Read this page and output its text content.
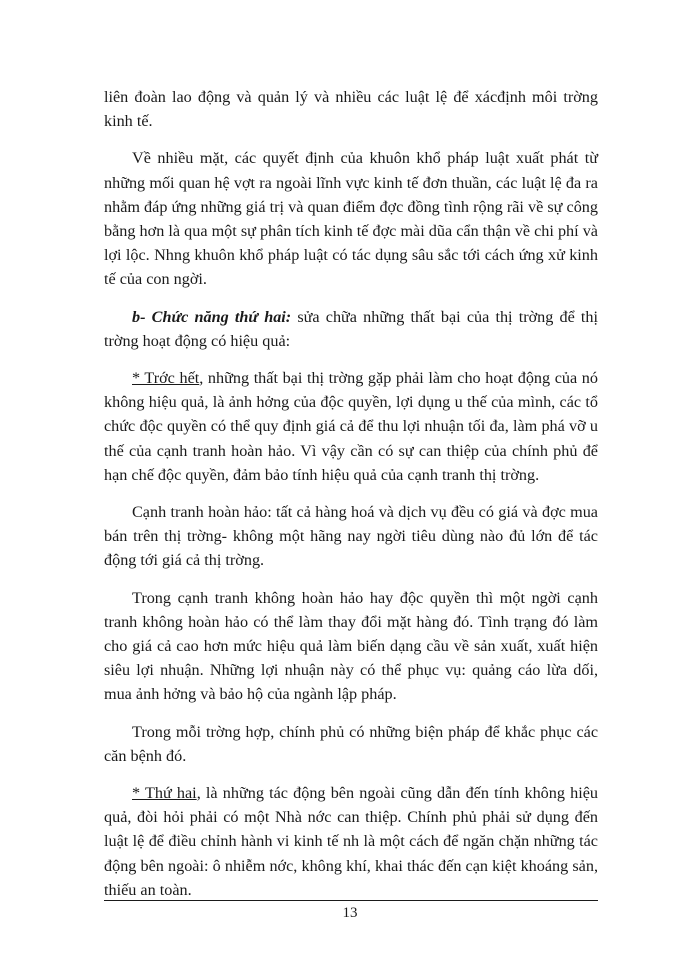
liên đoàn lao động và quản lý và nhiều các luật lệ để xácđịnh môi trờng kinh tế.

Về nhiều mặt, các quyết định của khuôn khổ pháp luật xuất phát từ những mối quan hệ vợt ra ngoài lĩnh vực kinh tế đơn thuần, các luật lệ đa ra nhằm đáp ứng những giá trị và quan điểm đợc đồng tình rộng rãi về sự công bằng hơn là qua một sự phân tích kinh tế đợc mài dũa cẩn thận về chi phí và lợi lộc. Nhng khuôn khổ pháp luật có tác dụng sâu sắc tới cách ứng xử kinh tế của con ngời.

b- Chức năng thứ hai: sửa chữa những thất bại của thị trờng để thị trờng hoạt động có hiệu quả:

* Trớc hết, những thất bại thị trờng gặp phải làm cho hoạt động của nó không hiệu quả, là ảnh hởng của độc quyền, lợi dụng u thế của mình, các tổ chức độc quyền có thể quy định giá cả để thu lợi nhuận tối đa, làm phá vỡ u thế của cạnh tranh hoàn hảo. Vì vậy cần có sự can thiệp của chính phủ để hạn chế độc quyền, đảm bảo tính hiệu quả của cạnh tranh thị trờng.

Cạnh tranh hoàn hảo: tất cả hàng hoá và dịch vụ đều có giá và đợc mua bán trên thị trờng- không một hãng nay ngời tiêu dùng nào đủ lớn để tác động tới giá cả thị trờng.

Trong cạnh tranh không hoàn hảo hay độc quyền thì một ngời cạnh tranh không hoàn hảo có thể làm thay đổi mặt hàng đó. Tình trạng đó làm cho giá cả cao hơn mức hiệu quả làm biến dạng cầu về sản xuất, xuất hiện siêu lợi nhuận. Những lợi nhuận này có thể phục vụ: quảng cáo lừa dối, mua ảnh hởng và bảo hộ của ngành lập pháp.

Trong mỗi trờng hợp, chính phủ có những biện pháp để khắc phục các căn bệnh đó.

* Thứ hai, là những tác động bên ngoài cũng dẫn đến tính không hiệu quả, đòi hỏi phải có một Nhà nớc can thiệp. Chính phủ phải sử dụng đến luật lệ để điều chỉnh hành vi kinh tế nh là một cách để ngăn chặn những tác động bên ngoài: ô nhiễm nớc, không khí, khai thác đến cạn kiệt khoáng sản, thiếu an toàn.

13
